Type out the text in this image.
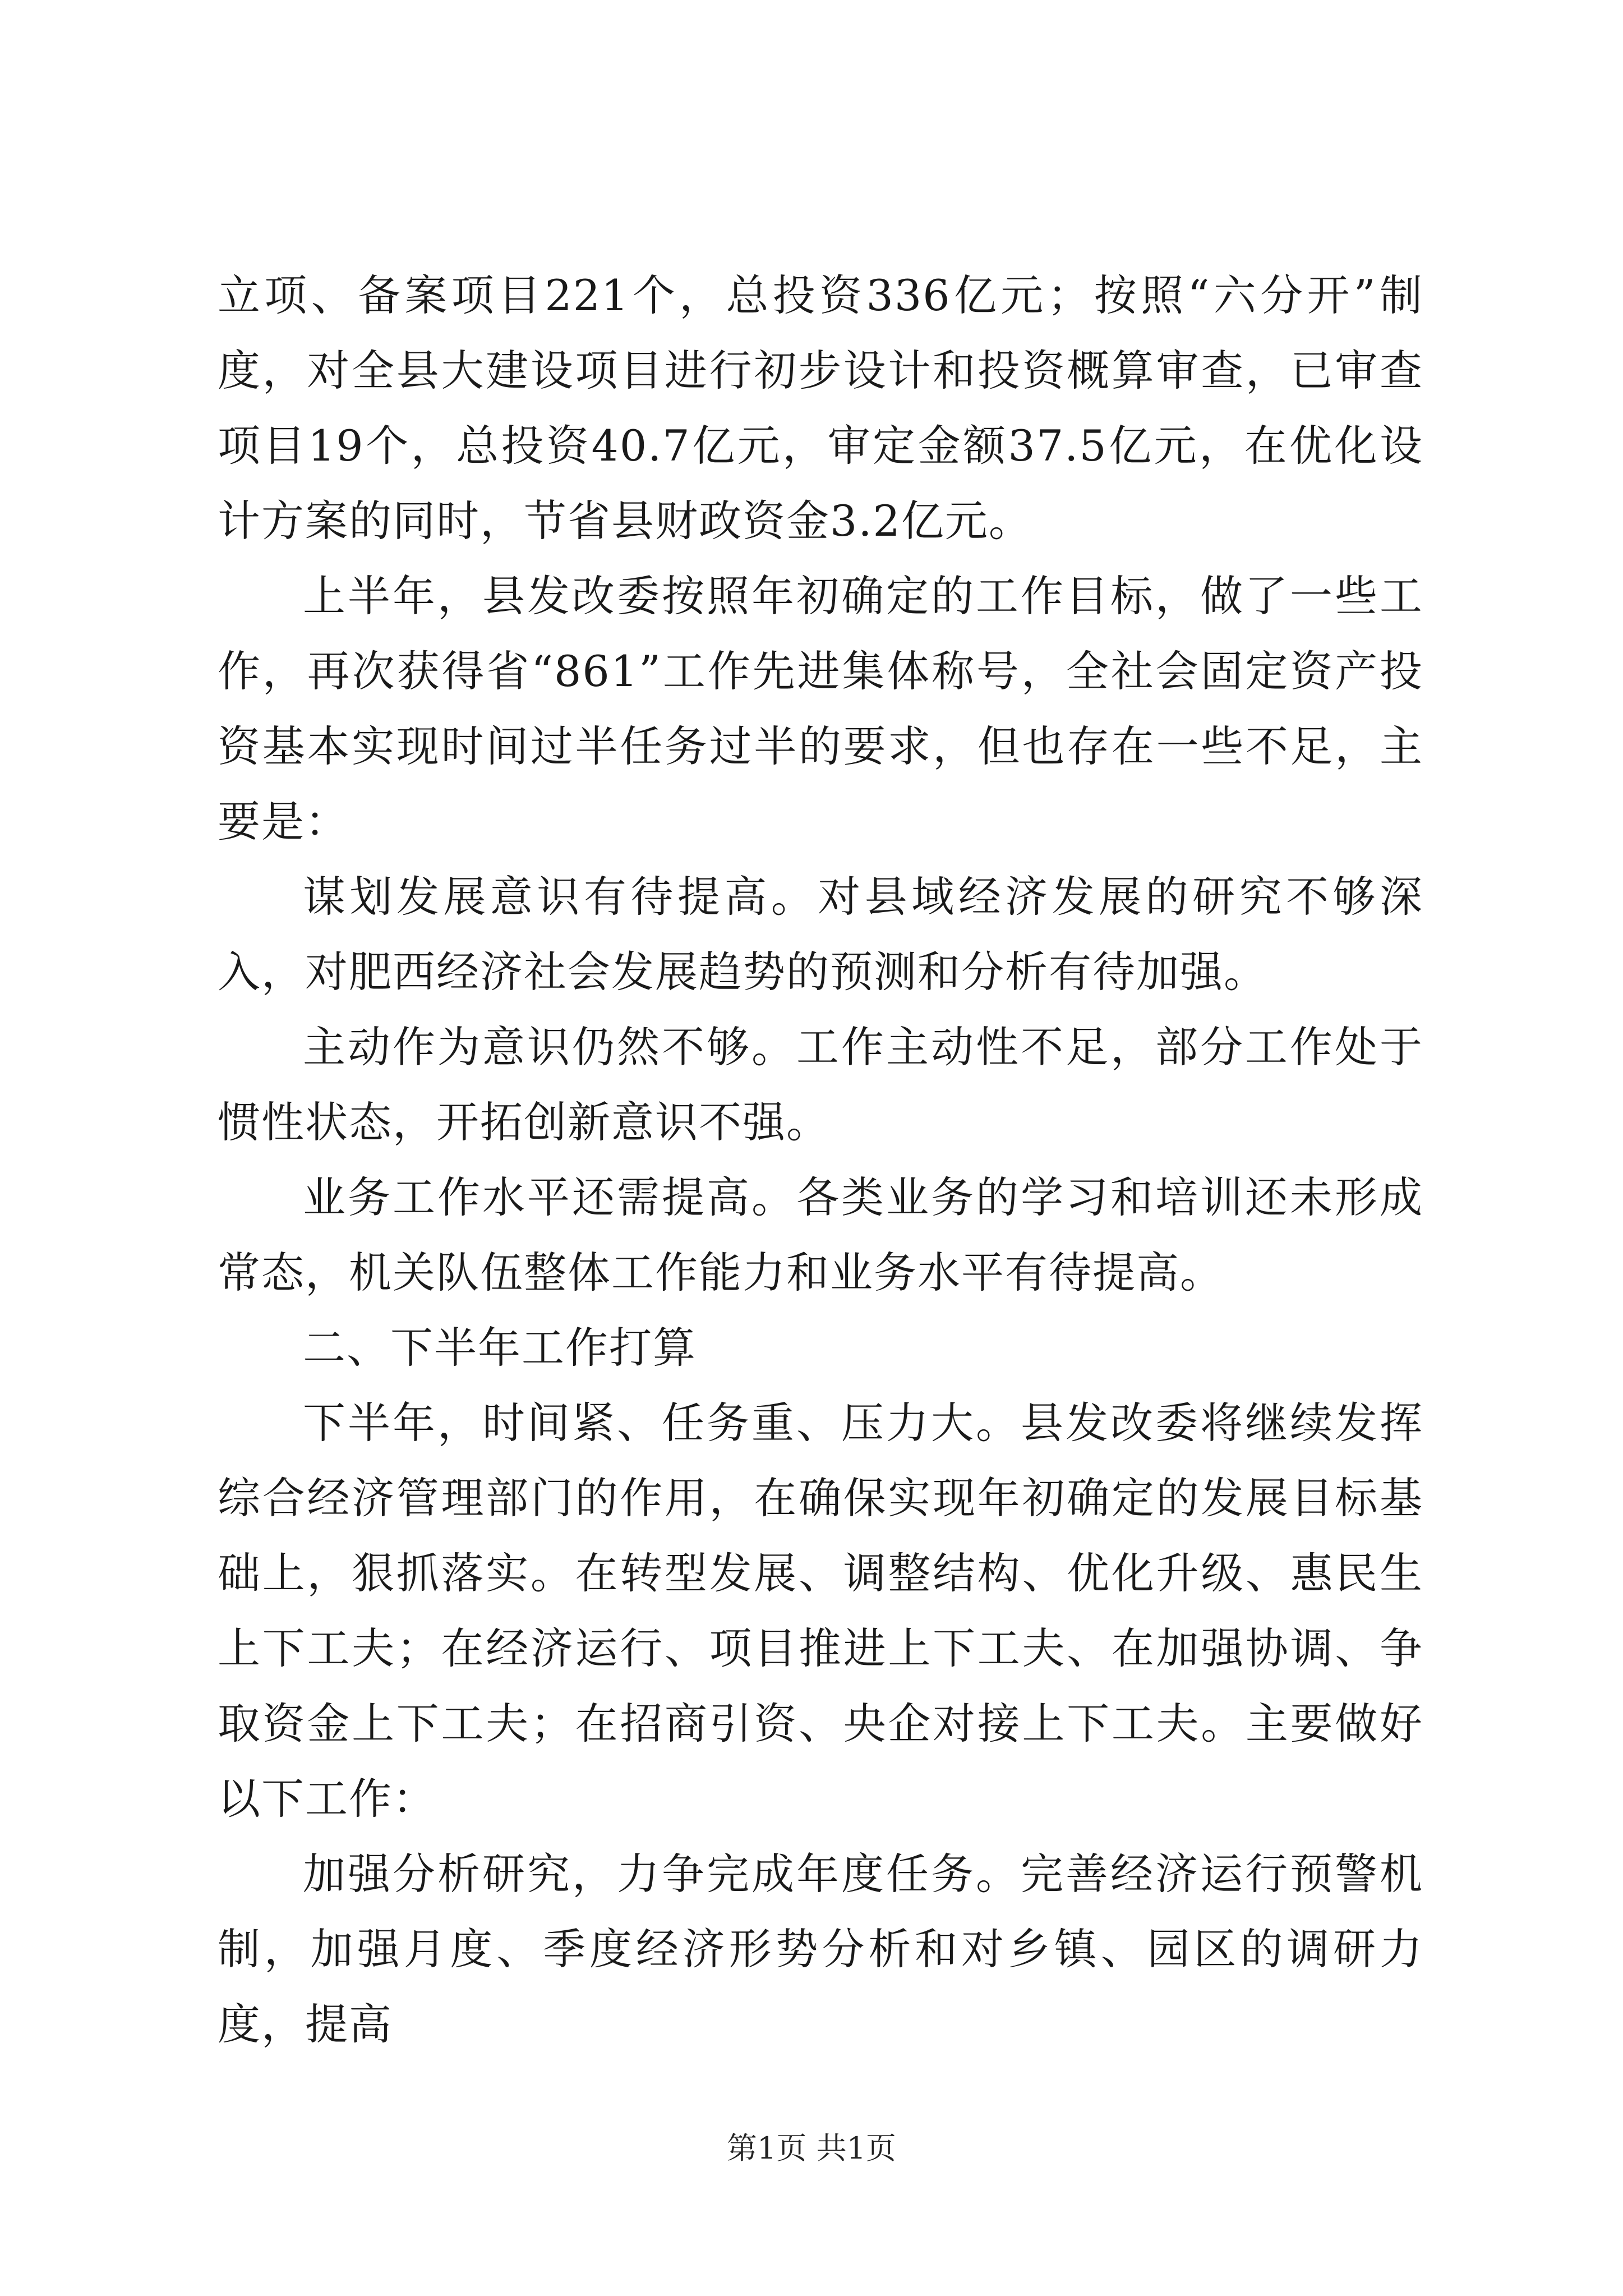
立项、备案项目221个，总投资336亿元；按照“六分开”制度，对全县大建设项目进行初步设计和投资概算审查，已审查项目19个，总投资40.7亿元，审定金额37.5亿元，在优化设计方案的同时，节省县财政资金3.2亿元。

上半年，县发改委按照年初确定的工作目标，做了一些工作，再次获得省“861”工作先进集体称号，全社会固定资产投资基本实现时间过半任务过半的要求，但也存在一些不足，主要是：

谋划发展意识有待提高。对县域经济发展的研究不够深入，对肥西经济社会发展趋势的预测和分析有待加强。

主动作为意识仍然不够。工作主动性不足，部分工作处于惯性状态，开拓创新意识不强。

业务工作水平还需提高。各类业务的学习和培训还未形成常态，机关队伍整体工作能力和业务水平有待提高。

二、下半年工作打算

下半年，时间紧、任务重、压力大。县发改委将继续发挥综合经济管理部门的作用，在确保实现年初确定的发展目标基础上，狠抓落实。在转型发展、调整结构、优化升级、惠民生上下工夫；在经济运行、项目推进上下工夫、在加强协调、争取资金上下工夫；在招商引资、央企对接上下工夫。主要做好以下工作：

加强分析研究，力争完成年度任务。完善经济运行预警机制，加强月度、季度经济形势分析和对乡镇、园区的调研力度，提高

第1页 共1页
